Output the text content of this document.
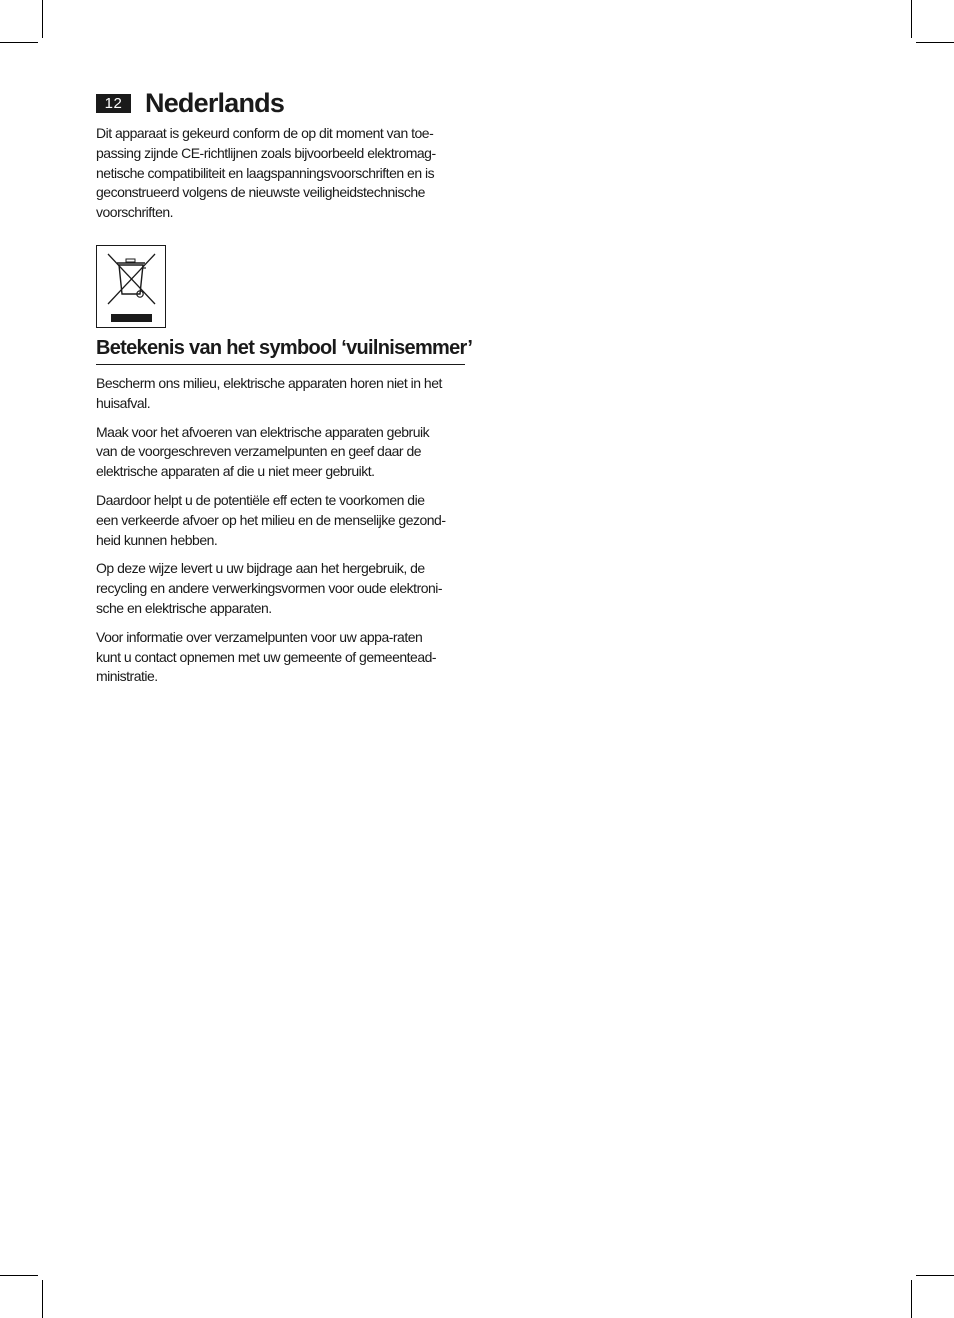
12 Nederlands

Dit apparaat is gekeurd conform de op dit moment van toe-
passing zijnde CE-richtlijnen zoals bijvoorbeeld elektromag-
netische compatibiliteit en laagspanningsvoorschriften en is
geconstrueerd volgens de nieuwste veiligheidstechnische
voorschriften.

Betekenis van het symbool ‘vuilnisemmer’

Bescherm ons milieu, elektrische apparaten horen niet in het
huisafval.

Maak voor het afvoeren van elektrische apparaten gebruik
van de voorgeschreven verzamelpunten en geef daar de
elektrische apparaten af die u niet meer gebruikt.

Daardoor helpt u de potentiële eff ecten te voorkomen die
een verkeerde afvoer op het milieu en de menselijke gezond-
heid kunnen hebben.

Op deze wijze levert u uw bijdrage aan het hergebruik, de
recycling en andere verwerkingsvormen voor oude elektroni-
sche en elektrische apparaten.

Voor informatie over verzamelpunten voor uw appa-raten
kunt u contact opnemen met uw gemeente of gemeentead-
ministratie.
